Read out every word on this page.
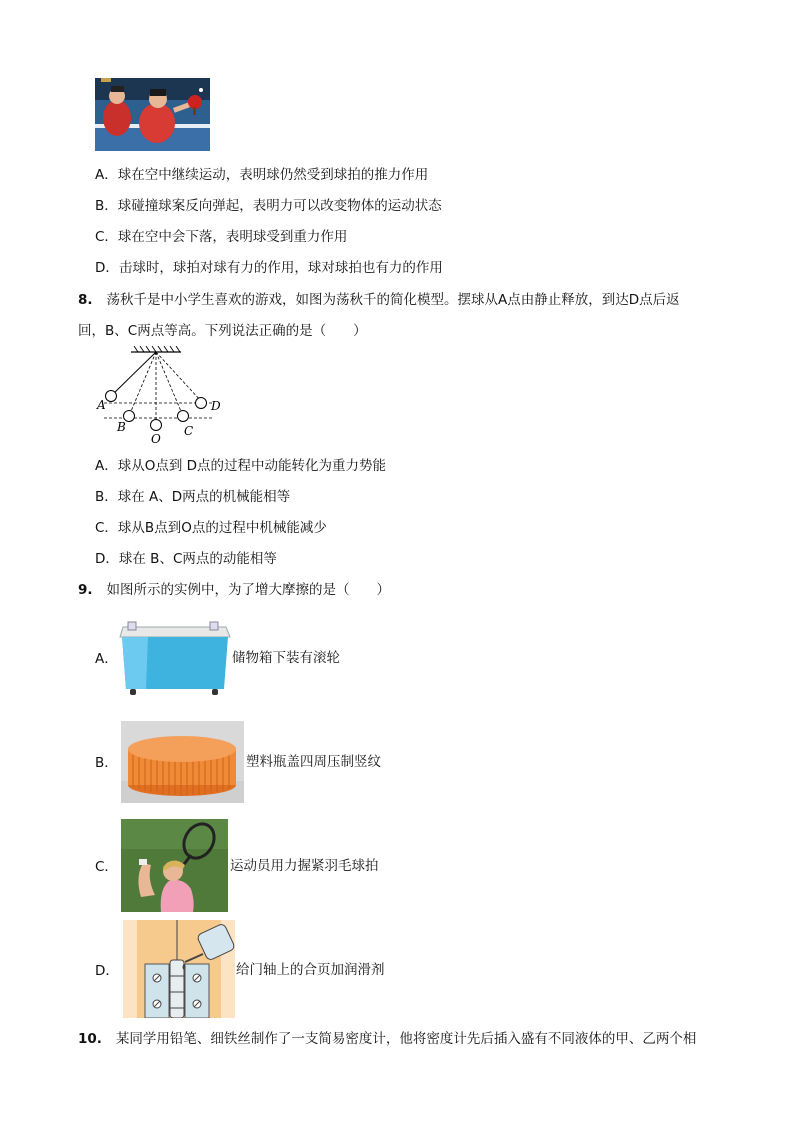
A．球在空中继续运动，表明球仍然受到球拍的推力作用
B．球碰撞球案反向弹起，表明力可以改变物体的运动状态
C．球在空中会下落，表明球受到重力作用
D．击球时，球拍对球有力的作用，球对球拍也有力的作用
8. 荡秋千是中小学生喜欢的游戏，如图为荡秋千的简化模型。摆球从A点由静止释放，到达D点后返
回，B、C两点等高。下列说法正确的是（　　）
A
B
O
C
D
A．球从O点到 D点的过程中动能转化为重力势能
B．球在 A、D两点的机械能相等
C．球从B点到O点的过程中机械能减少
D．球在 B、C两点的动能相等
9. 如图所示的实例中，为了增大摩擦的是（　　）
A．	储物箱下装有滚轮
B．	塑料瓶盖四周压制竖纹
C．	运动员用力握紧羽毛球拍
D．	给门轴上的合页加润滑剂
10. 某同学用铅笔、细铁丝制作了一支简易密度计，他将密度计先后插入盛有不同液体的甲、乙两个相
